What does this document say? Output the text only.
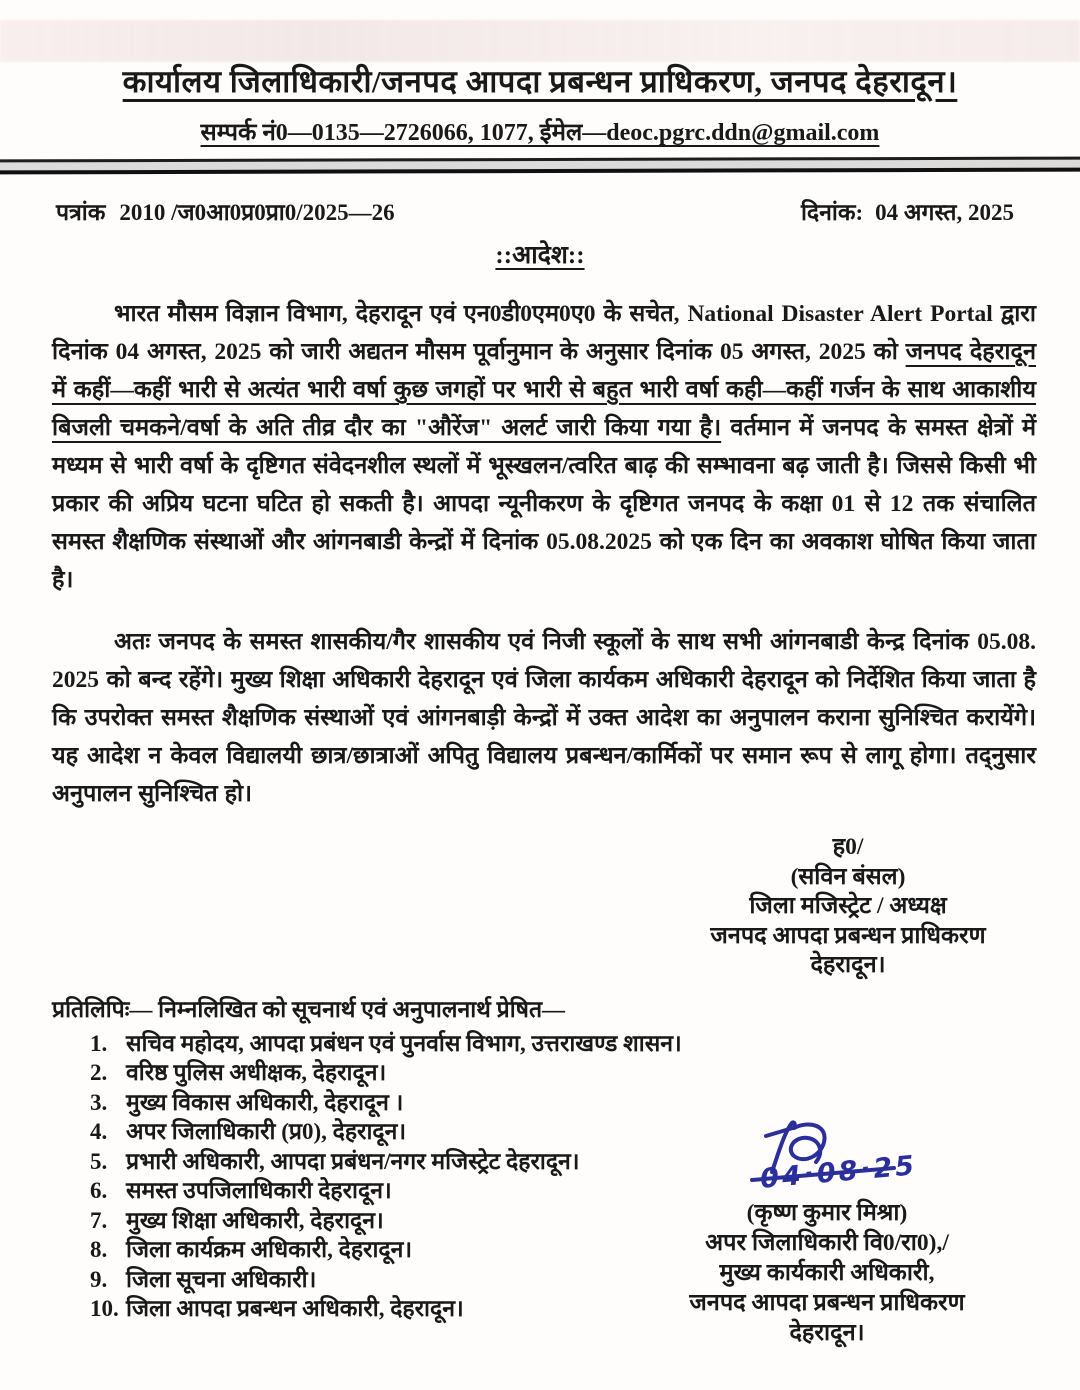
कार्यालय जिलाधिकारी/जनपद आपदा प्रबन्धन प्राधिकरण, जनपद देहरादून।
सम्पर्क नं0—0135—2726066, 1077, ईमेल—deoc.pgrc.ddn@gmail.com
पत्रांक 2010 /ज0आ0प्र0प्रा0/2025—26	दिनांक: 04 अगस्त, 2025
::आदेश::

भारत मौसम विज्ञान विभाग, देहरादून एवं एन0डी0एम0ए0 के सचेत, National Disaster Alert Portal द्वारा दिनांक 04 अगस्त, 2025 को जारी अद्यतन मौसम पूर्वानुमान के अनुसार दिनांक 05 अगस्त, 2025 को जनपद देहरादून में कहीं—कहीं भारी से अत्यंत भारी वर्षा कुछ जगहों पर भारी से बहुत भारी वर्षा कही—कहीं गर्जन के साथ आकाशीय बिजली चमकने/वर्षा के अति तीव्र दौर का "औरेंज" अलर्ट जारी किया गया है। वर्तमान में जनपद के समस्त क्षेत्रों में मध्यम से भारी वर्षा के दृष्टिगत संवेदनशील स्थलों में भूस्खलन/त्वरित बाढ़ की सम्भावना बढ़ जाती है। जिससे किसी भी प्रकार की अप्रिय घटना घटित हो सकती है। आपदा न्यूनीकरण के दृष्टिगत जनपद के कक्षा 01 से 12 तक संचालित समस्त शैक्षणिक संस्थाओं और आंगनबाडी केन्द्रों में दिनांक 05.08.2025 को एक दिन का अवकाश घोषित किया जाता है।

अतः जनपद के समस्त शासकीय/गैर शासकीय एवं निजी स्कूलों के साथ सभी आंगनबाडी केन्द्र दिनांक 05.08. 2025 को बन्द रहेंगे। मुख्य शिक्षा अधिकारी देहरादून एवं जिला कार्यकम अधिकारी देहरादून को निर्देशित किया जाता है कि उपरोक्त समस्त शैक्षणिक संस्थाओं एवं आंगनबाड़ी केन्द्रों में उक्त आदेश का अनुपालन कराना सुनिश्चित करायेंगे। यह आदेश न केवल विद्यालयी छात्र/छात्राओं अपितु विद्यालय प्रबन्धन/कार्मिकों पर समान रूप से लागू होगा। तद्नुसार अनुपालन सुनिश्चित हो।

ह0/
(सविन बंसल)
जिला मजिस्ट्रेट / अध्यक्ष
जनपद आपदा प्रबन्धन प्राधिकरण
देहरादून।
प्रतिलिपिः— निम्नलिखित को सूचनार्थ एवं अनुपालनार्थ प्रेषित—
1. सचिव महोदय, आपदा प्रबंधन एवं पुनर्वास विभाग, उत्तराखण्ड शासन।
2. वरिष्ठ पुलिस अधीक्षक, देहरादून।
3. मुख्य विकास अधिकारी, देहरादून ।
4. अपर जिलाधिकारी (प्र0), देहरादून।
5. प्रभारी अधिकारी, आपदा प्रबंधन/नगर मजिस्ट्रेट देहरादून।
6. समस्त उपजिलाधिकारी देहरादून।
7. मुख्य शिक्षा अधिकारी, देहरादून।
8. जिला कार्यक्रम अधिकारी, देहरादून।
9. जिला सूचना अधिकारी।
10. जिला आपदा प्रबन्धन अधिकारी, देहरादून।
04·08·25
(कृष्ण कुमार मिश्रा)
अपर जिलाधिकारी वि0/रा0),/
मुख्य कार्यकारी अधिकारी,
जनपद आपदा प्रबन्धन प्राधिकरण
देहरादून।
